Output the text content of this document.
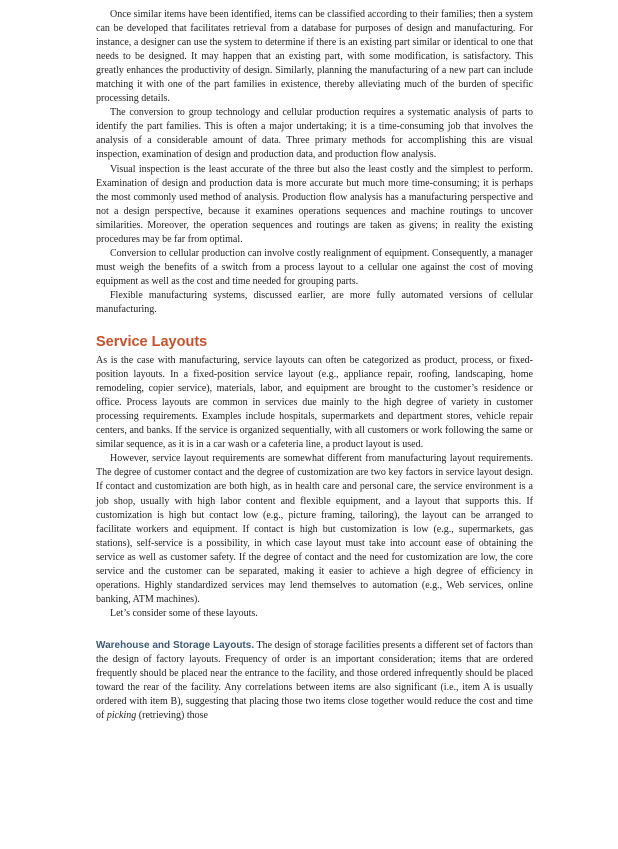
Once similar items have been identified, items can be classified according to their families; then a system can be developed that facilitates retrieval from a database for purposes of design and manufacturing. For instance, a designer can use the system to determine if there is an existing part similar or identical to one that needs to be designed. It may happen that an existing part, with some modification, is satisfactory. This greatly enhances the productivity of design. Similarly, planning the manufacturing of a new part can include matching it with one of the part families in existence, thereby alleviating much of the burden of specific processing details.

The conversion to group technology and cellular production requires a systematic analysis of parts to identify the part families. This is often a major undertaking; it is a time-consuming job that involves the analysis of a considerable amount of data. Three primary methods for accomplishing this are visual inspection, examination of design and production data, and production flow analysis.

Visual inspection is the least accurate of the three but also the least costly and the simplest to perform. Examination of design and production data is more accurate but much more time-consuming; it is perhaps the most commonly used method of analysis. Production flow analysis has a manufacturing perspective and not a design perspective, because it examines operations sequences and machine routings to uncover similarities. Moreover, the operation sequences and routings are taken as givens; in reality the existing procedures may be far from optimal.

Conversion to cellular production can involve costly realignment of equipment. Consequently, a manager must weigh the benefits of a switch from a process layout to a cellular one against the cost of moving equipment as well as the cost and time needed for grouping parts.

Flexible manufacturing systems, discussed earlier, are more fully automated versions of cellular manufacturing.

Service Layouts

As is the case with manufacturing, service layouts can often be categorized as product, process, or fixed-position layouts. In a fixed-position service layout (e.g., appliance repair, roofing, landscaping, home remodeling, copier service), materials, labor, and equipment are brought to the customer’s residence or office. Process layouts are common in services due mainly to the high degree of variety in customer processing requirements. Examples include hospitals, supermarkets and department stores, vehicle repair centers, and banks. If the service is organized sequentially, with all customers or work following the same or similar sequence, as it is in a car wash or a cafeteria line, a product layout is used.

However, service layout requirements are somewhat different from manufacturing layout requirements. The degree of customer contact and the degree of customization are two key factors in service layout design. If contact and customization are both high, as in health care and personal care, the service environment is a job shop, usually with high labor content and flexible equipment, and a layout that supports this. If customization is high but contact low (e.g., picture framing, tailoring), the layout can be arranged to facilitate workers and equipment. If contact is high but customization is low (e.g., supermarkets, gas stations), self-service is a possibility, in which case layout must take into account ease of obtaining the service as well as customer safety. If the degree of contact and the need for customization are low, the core service and the customer can be separated, making it easier to achieve a high degree of efficiency in operations. Highly standardized services may lend themselves to automation (e.g., Web services, online banking, ATM machines).

Let’s consider some of these layouts.

Warehouse and Storage Layouts. The design of storage facilities presents a different set of factors than the design of factory layouts. Frequency of order is an important consideration; items that are ordered frequently should be placed near the entrance to the facility, and those ordered infrequently should be placed toward the rear of the facility. Any correlations between items are also significant (i.e., item A is usually ordered with item B), suggesting that placing those two items close together would reduce the cost and time of picking (retrieving) those
